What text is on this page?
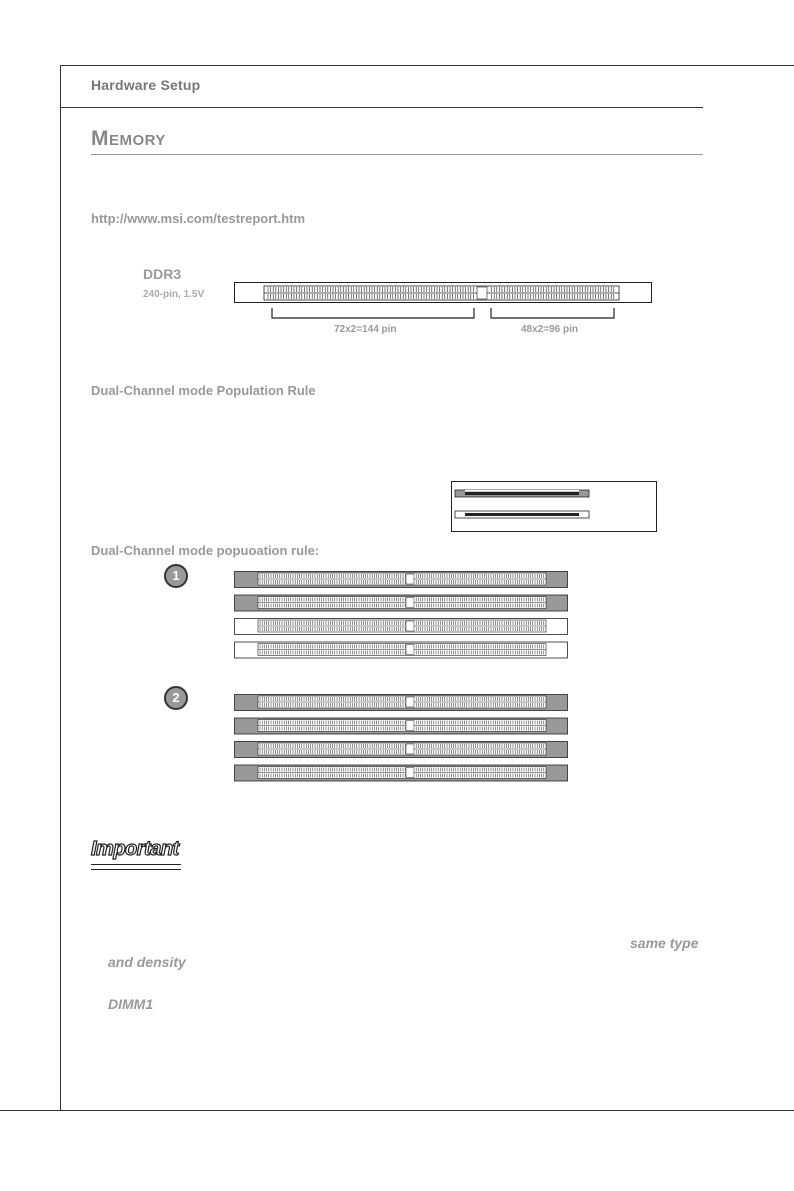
Hardware Setup
Memory
http://www.msi.com/testreport.htm
DDR3
240-pin, 1.5V
72x2=144 pin	48x2=96 pin
Dual-Channel mode Population Rule
Dual-Channel mode popuoation rule:
1
2
Important
same type
and density
DIMM1
